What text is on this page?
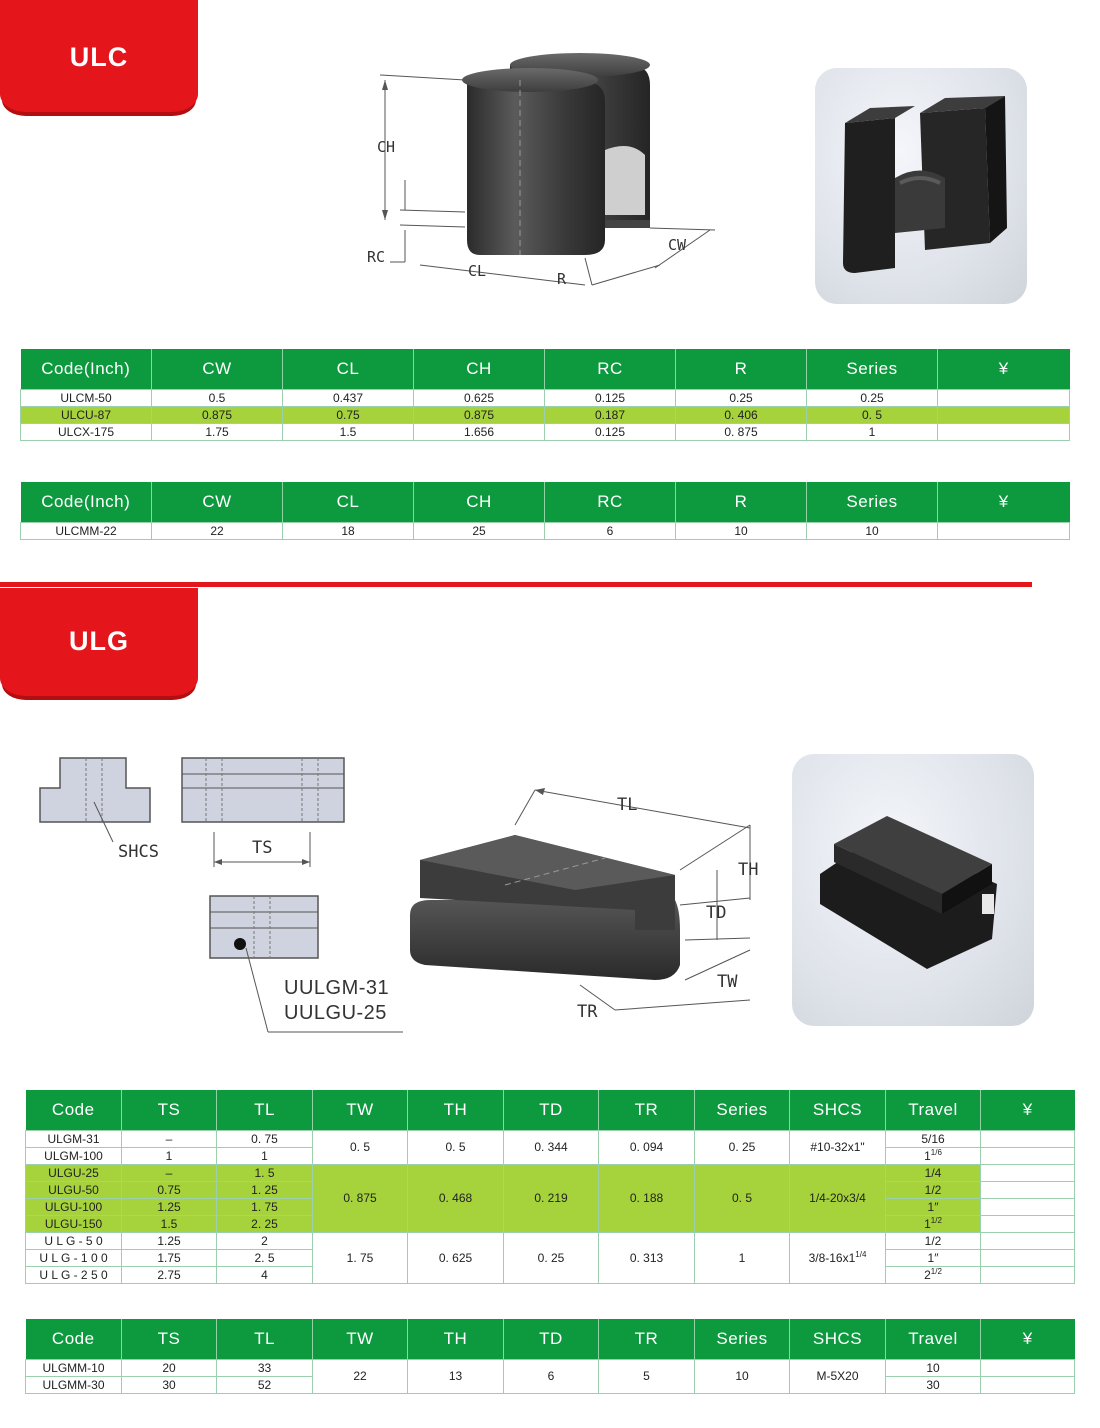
ULC
CH
RC
CL	R
CW
Code(Inch)	CW	CL	CH	RC	R	Series	¥
ULCM-50	0.5	0.437	0.625	0.125	0.25	0.25	
ULCU-87	0.875	0.75	0.875	0.187	0. 406	0. 5	
ULCX-175	1.75	1.5	1.656	0.125	0. 875	1	
Code(Inch)	CW	CL	CH	RC	R	Series	¥
ULCMM-22	22	18	25	6	10	10	
ULG
SHCS	TS
UULGM-31
UULGU-25
TL
TH
TD
TW
TR
Code	TS	TL	TW	TH	TD	TR	Series	SHCS	Travel	¥
ULGM-31	–	0. 75	0. 5	0. 5	0. 344	0. 094	0. 25	#10-32x1"	5/16	
ULGM-100	1	1							$1^{1/6}$	
ULGU-25	–	1. 5	0. 875	0. 468	0. 219	0. 188	0. 5	1/4-20x3/4	1/4	
ULGU-50	0.75	1. 25							1/2	
ULGU-100	1.25	1. 75							1″	
ULGU-150	1.5	2. 25							$1^{1/2}$	
U L G - 5 0	1.25	2	1. 75	0. 625	0. 25	0. 313	1	$3/8-16x1^{1/4}$	1/2	
U L G - 1 0 0	1.75	2. 5							1″	
U L G - 2 5 0	2.75	4							$2^{1/2}$	
Code	TS	TL	TW	TH	TD	TR	Series	SHCS	Travel	¥
ULGMM-10	20	33	22	13	6	5	10	M-5X20	10	
ULGMM-30	30	52							30	
